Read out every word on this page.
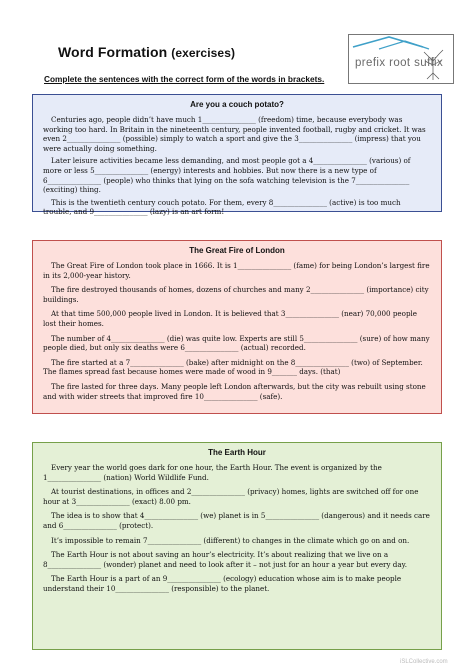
Word Formation (exercises)
prefix root suffix
Complete the sentences with the correct form of the words in brackets.
Are you a couch potato?

Centuries ago, people didn’t have much 1_______________ (freedom) time, because everybody was working too hard. In Britain in the nineteenth century, people invented football, rugby and cricket. It was even 2_______________ (possible) simply to watch a sport and give the 3_______________ (impress) that you were actually doing something.

Later leisure activities became less demanding, and most people got a 4_______________ (various) of more or less 5_______________ (energy) interests and hobbies. But now there is a new type of 6_______________ (people) who thinks that lying on the sofa watching television is the 7_______________ (exciting) thing.

This is the twentieth century couch potato. For them, every 8_______________ (active) is too much trouble, and 9_______________ (lazy) is an art form!

The Great Fire of London

The Great Fire of London took place in 1666. It is 1_______________ (fame) for being London’s largest fire in its 2,000-year history.

The fire destroyed thousands of homes, dozens of churches and many 2_______________ (importance) city buildings.

At that time 500,000 people lived in London. It is believed that 3_______________ (near) 70,000 people lost their homes.

The number of 4_______________ (die) was quite low. Experts are still 5_______________ (sure) of how many people died, but only six deaths were 6_______________ (actual) recorded.

The fire started at a 7_______________ (bake) after midnight on the 8_______________ (two) of September. The flames spread fast because homes were made of wood in 9_______ days. (that)

The fire lasted for three days. Many people left London afterwards, but the city was rebuilt using stone and with wider streets that improved fire 10_______________ (safe).

The Earth Hour

Every year the world goes dark for one hour, the Earth Hour. The event is organized by the 1_______________ (nation) World Wildlife Fund.

At tourist destinations, in offices and 2_______________ (privacy) homes, lights are switched off for one hour at 3_______________ (exact) 8.00 pm.

The idea is to show that 4_______________ (we) planet is in 5_______________ (dangerous) and it needs care and 6_______________ (protect).

It’s impossible to remain 7_______________ (different) to changes in the climate which go on and on.

The Earth Hour is not about saving an hour’s electricity. It’s about realizing that we live on a 8_______________ (wonder) planet and need to look after it – not just for an hour a year but every day.

The Earth Hour is a part of an 9_______________ (ecology) education whose aim is to make people understand their 10_______________ (responsible) to the planet.

iSLCollective.com
